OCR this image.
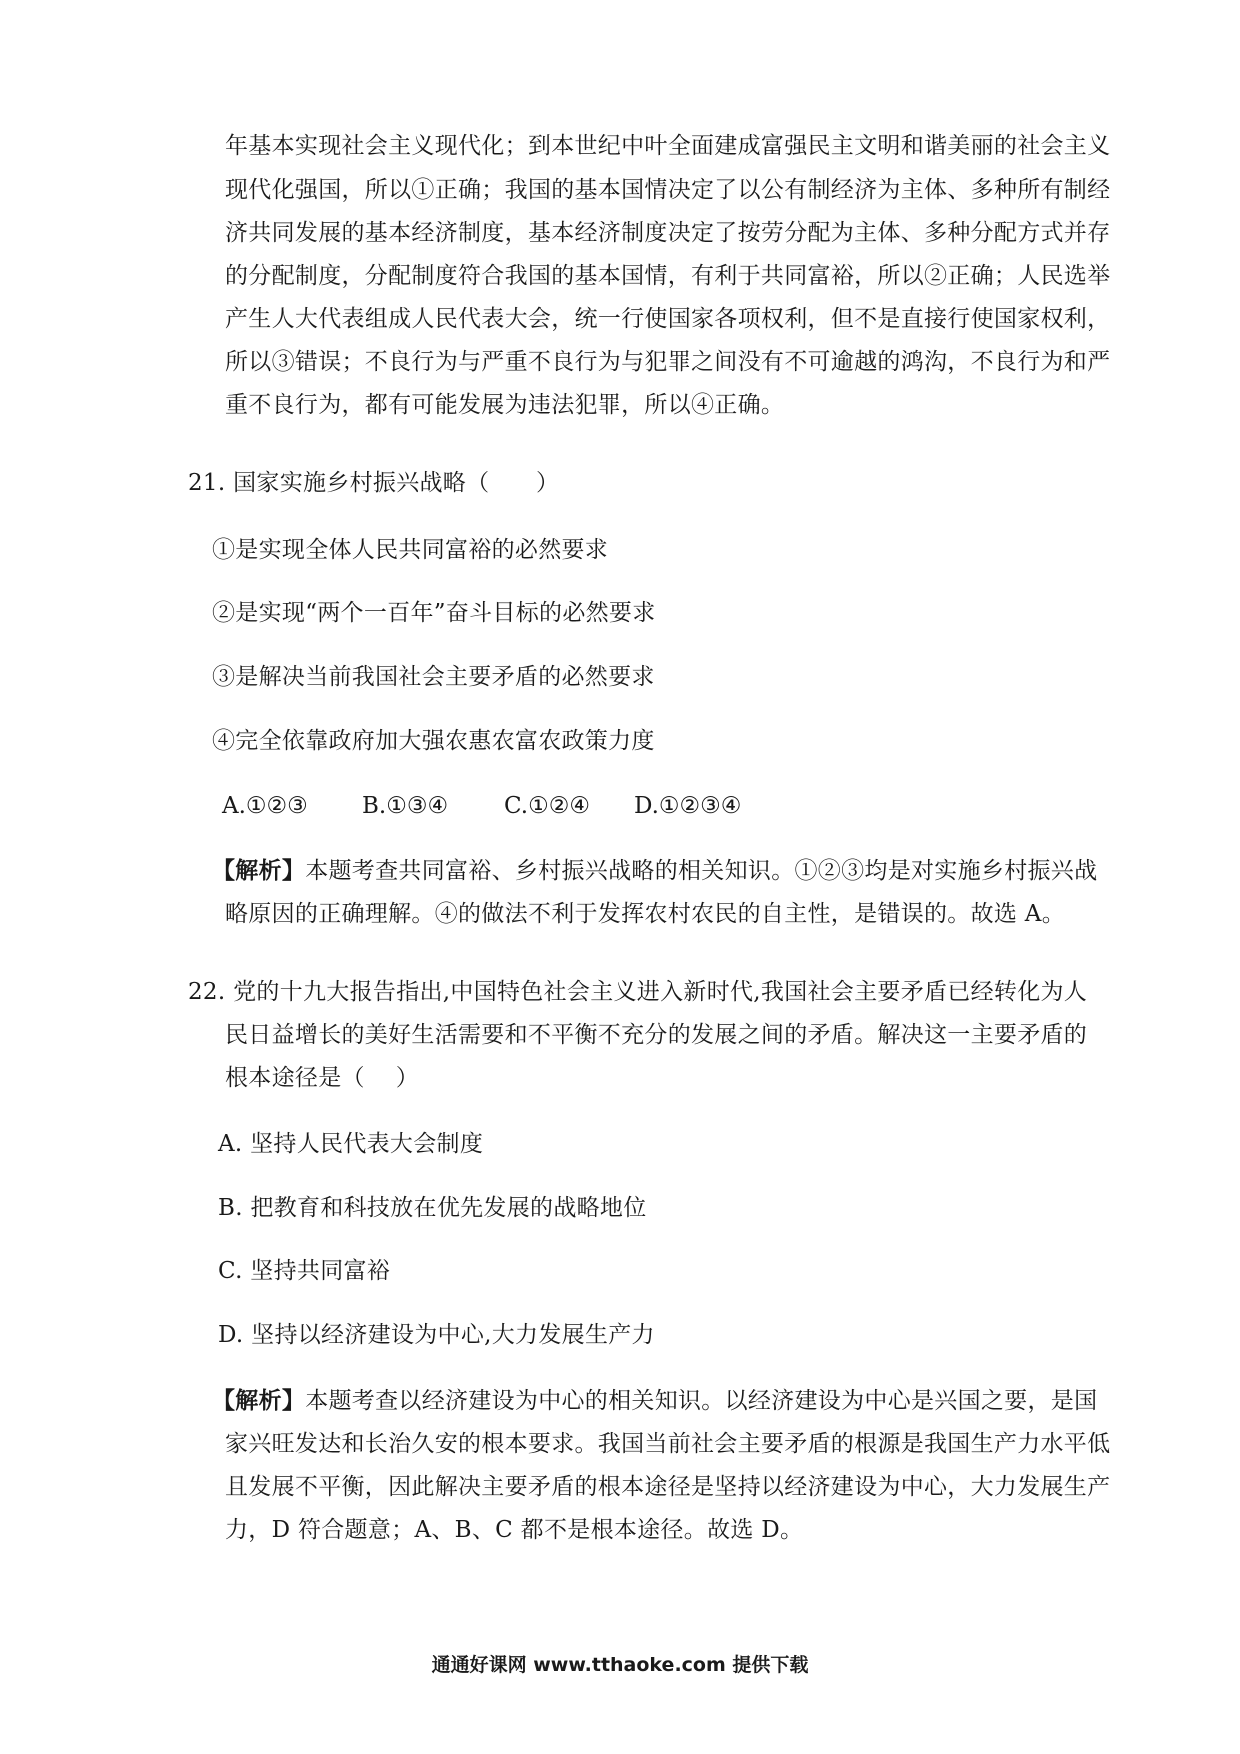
年基本实现社会主义现代化；到本世纪中叶全面建成富强民主文明和谐美丽的社会主义
现代化强国，所以①正确；我国的基本国情决定了以公有制经济为主体、多种所有制经
济共同发展的基本经济制度，基本经济制度决定了按劳分配为主体、多种分配方式并存
的分配制度，分配制度符合我国的基本国情，有利于共同富裕，所以②正确；人民选举
产生人大代表组成人民代表大会，统一行使国家各项权利，但不是直接行使国家权利，
所以③错误；不良行为与严重不良行为与犯罪之间没有不可逾越的鸿沟，不良行为和严
重不良行为，都有可能发展为违法犯罪，所以④正确。
21. 国家实施乡村振兴战略（　　）
①是实现全体人民共同富裕的必然要求
②是实现“两个一百年”奋斗目标的必然要求
③是解决当前我国社会主要矛盾的必然要求
④完全依靠政府加大强农惠农富农政策力度
A.①②③ B.①③④ C.①②④ D.①②③④
【解析】本题考查共同富裕、乡村振兴战略的相关知识。①②③均是对实施乡村振兴战
略原因的正确理解。④的做法不利于发挥农村农民的自主性，是错误的。故选 A。
22. 党的十九大报告指出,中国特色社会主义进入新时代,我国社会主要矛盾已经转化为人
民日益增长的美好生活需要和不平衡不充分的发展之间的矛盾。解决这一主要矛盾的
根本途径是（　 ）
A. 坚持人民代表大会制度
B. 把教育和科技放在优先发展的战略地位
C. 坚持共同富裕
D. 坚持以经济建设为中心,大力发展生产力
【解析】本题考查以经济建设为中心的相关知识。以经济建设为中心是兴国之要，是国
家兴旺发达和长治久安的根本要求。我国当前社会主要矛盾的根源是我国生产力水平低
且发展不平衡，因此解决主要矛盾的根本途径是坚持以经济建设为中心，大力发展生产
力，D 符合题意；A、B、C 都不是根本途径。故选 D。
通通好课网 www.tthaoke.com 提供下载
